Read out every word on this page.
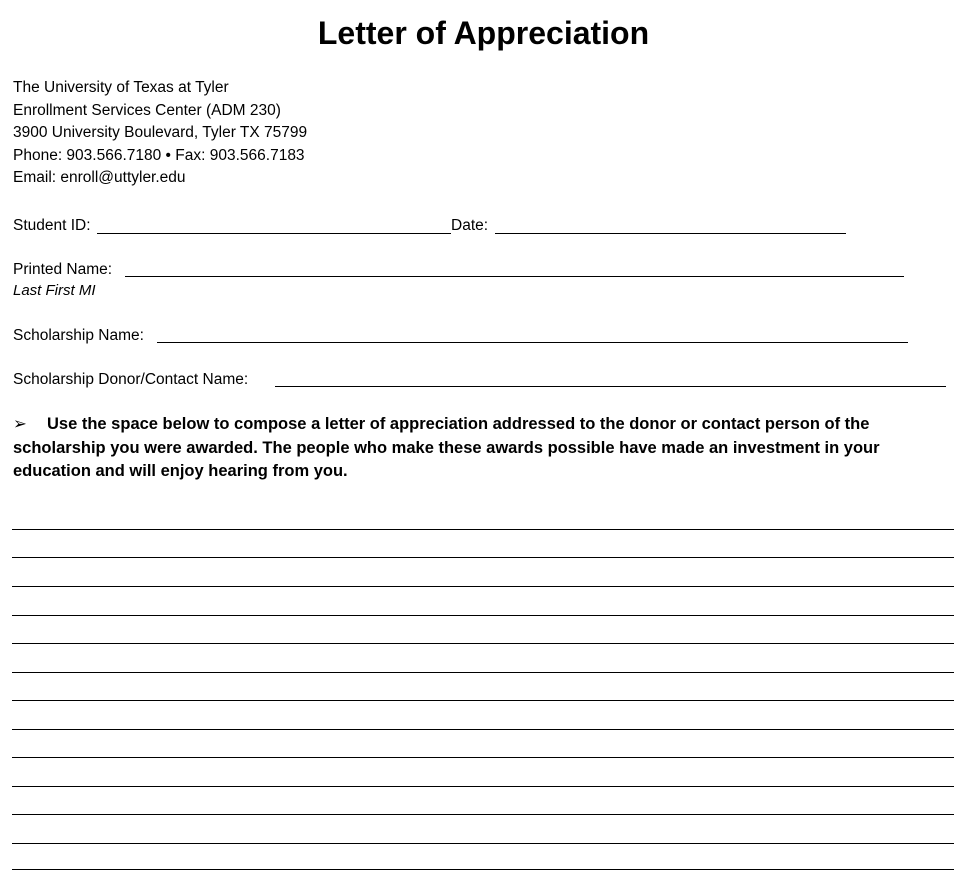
Letter of Appreciation
The University of Texas at Tyler
Enrollment Services Center (ADM 230)
3900 University Boulevard, Tyler TX 75799
Phone: 903.566.7180 • Fax: 903.566.7183
Email: enroll@uttyler.edu
Student ID:	Date:
Printed Name:
Last First MI
Scholarship Name:
Scholarship Donor/Contact Name:
➢ Use the space below to compose a letter of appreciation addressed to the donor or contact person of the scholarship you were awarded. The people who make these awards possible have made an investment in your education and will enjoy hearing from you.
